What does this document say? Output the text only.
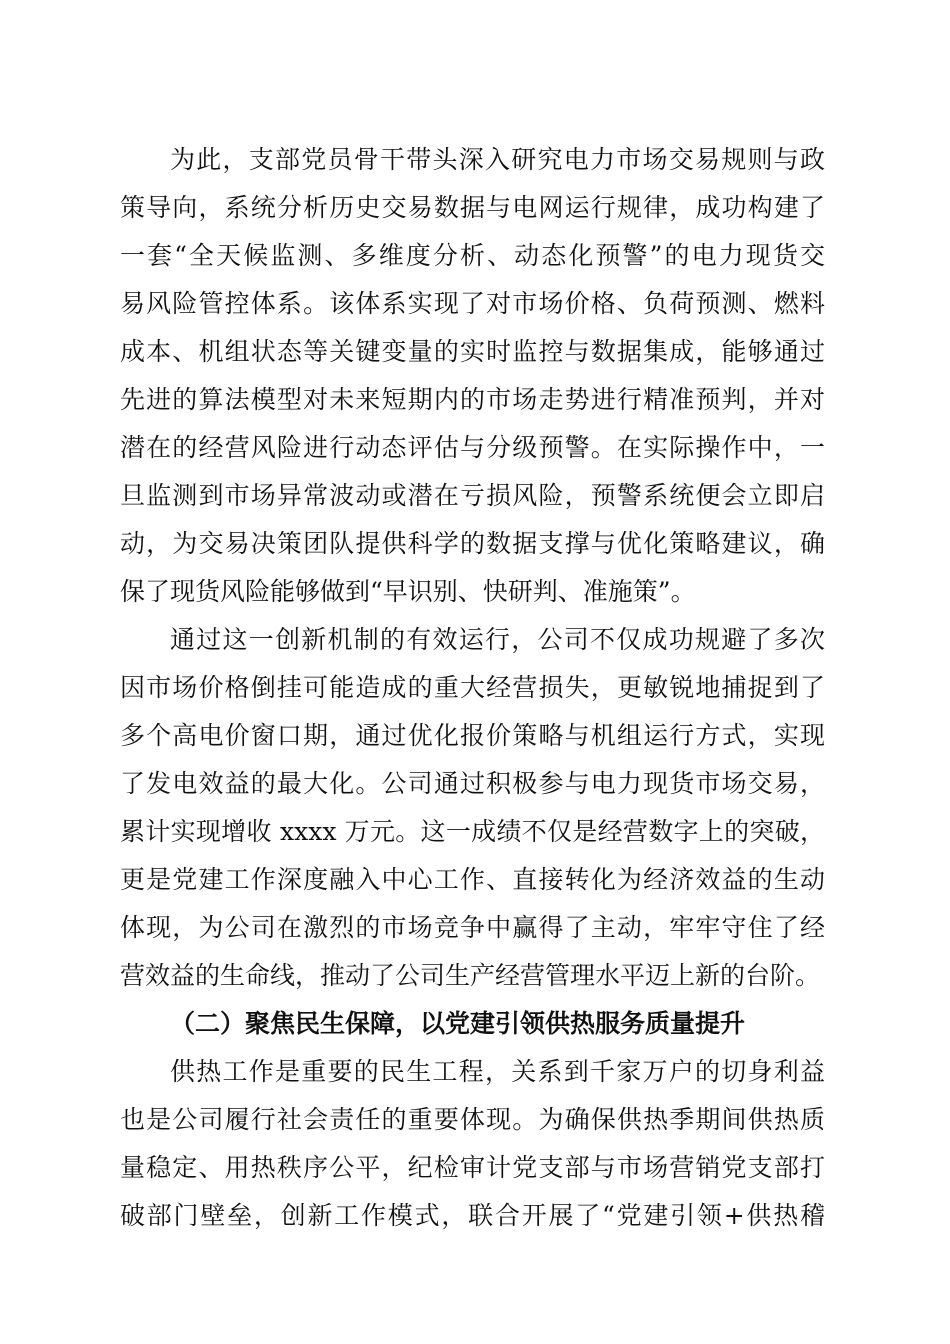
为此，支部党员骨干带头深入研究电力市场交易规则与政
策导向，系统分析历史交易数据与电网运行规律，成功构建了
一套“全天候监测、多维度分析、动态化预警”的电力现货交
易风险管控体系。该体系实现了对市场价格、负荷预测、燃料
成本、机组状态等关键变量的实时监控与数据集成，能够通过
先进的算法模型对未来短期内的市场走势进行精准预判，并对
潜在的经营风险进行动态评估与分级预警。在实际操作中，一
旦监测到市场异常波动或潜在亏损风险，预警系统便会立即启
动，为交易决策团队提供科学的数据支撑与优化策略建议，确
保了现货风险能够做到“早识别、快研判、准施策”。
通过这一创新机制的有效运行，公司不仅成功规避了多次
因市场价格倒挂可能造成的重大经营损失，更敏锐地捕捉到了
多个高电价窗口期，通过优化报价策略与机组运行方式，实现
了发电效益的最大化。公司通过积极参与电力现货市场交易，
累计实现增收 xxxx 万元。这一成绩不仅是经营数字上的突破，
更是党建工作深度融入中心工作、直接转化为经济效益的生动
体现，为公司在激烈的市场竞争中赢得了主动，牢牢守住了经
营效益的生命线，推动了公司生产经营管理水平迈上新的台阶。
（二）聚焦民生保障，以党建引领供热服务质量提升
供热工作是重要的民生工程，关系到千家万户的切身利益
也是公司履行社会责任的重要体现。为确保供热季期间供热质
量稳定、用热秩序公平，纪检审计党支部与市场营销党支部打
破部门壁垒，创新工作模式，联合开展了“党建引领+供热稽
